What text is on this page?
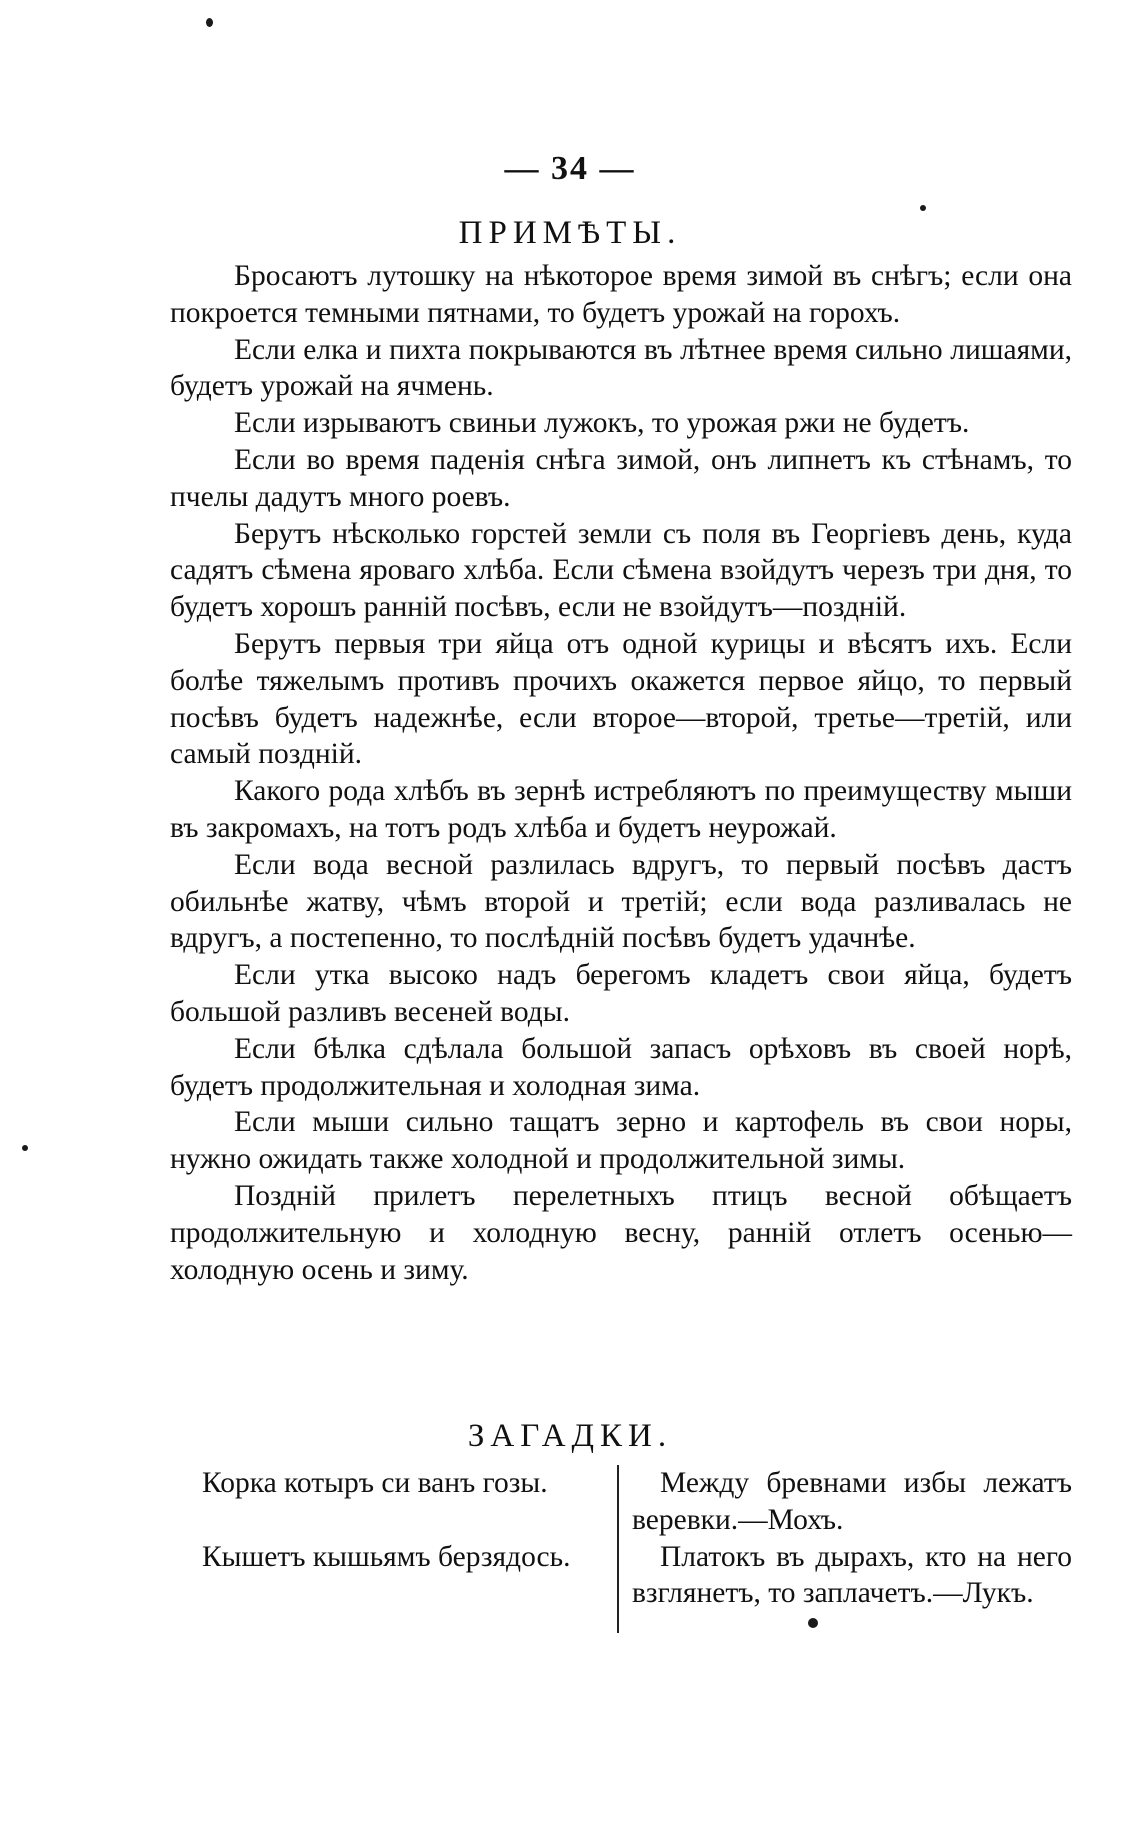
— 34 —
ПРИМѢТЫ.

Бросаютъ лутошку на нѣкоторое время зимой въ снѣгъ; если она покроется темными пятнами, то будетъ урожай на горохъ.

Если елка и пихта покрываются въ лѣтнее время сильно лишаями, будетъ урожай на ячмень.

Если изрываютъ свиньи лужокъ, то урожая ржи не будетъ.

Если во время паденія снѣга зимой, онъ липнетъ къ стѣнамъ, то пчелы дадутъ много роевъ.

Берутъ нѣсколько горстей земли съ поля въ Георгіевъ день, куда садятъ сѣмена яроваго хлѣба. Если сѣмена взойдутъ черезъ три дня, то будетъ хорошъ ранній посѣвъ, если не взойдутъ—поздній.

Берутъ первыя три яйца отъ одной курицы и вѣсятъ ихъ. Если болѣе тяжелымъ противъ прочихъ окажется первое яйцо, то первый посѣвъ будетъ надежнѣе, если второе—второй, третье—третій, или самый поздній.

Какого рода хлѣбъ въ зернѣ истребляютъ по преимуществу мыши въ закромахъ, на тотъ родъ хлѣба и будетъ неурожай.

Если вода весной разлилась вдругъ, то первый посѣвъ дастъ обильнѣе жатву, чѣмъ второй и третій; если вода разливалась не вдругъ, а постепенно, то послѣдній посѣвъ будетъ удачнѣе.

Если утка высоко надъ берегомъ кладетъ свои яйца, будетъ большой разливъ весеней воды.

Если бѣлка сдѣлала большой запасъ орѣховъ въ своей норѣ, будетъ продолжительная и холодная зима.

Если мыши сильно тащатъ зерно и картофель въ свои норы, нужно ожидать также холодной и продолжительной зимы.

Поздній прилетъ перелетныхъ птицъ весной обѣщаетъ продолжительную и холодную весну, ранній отлетъ осенью—холодную осень и зиму.

ЗАГАДКИ.

Корка котыръ си ванъ гозы.

Кышетъ кышьямъ берзядось.

Между бревнами избы лежатъ веревки.—Мохъ.

Платокъ въ дырахъ, кто на него взглянетъ, то заплачетъ.—Лукъ.
